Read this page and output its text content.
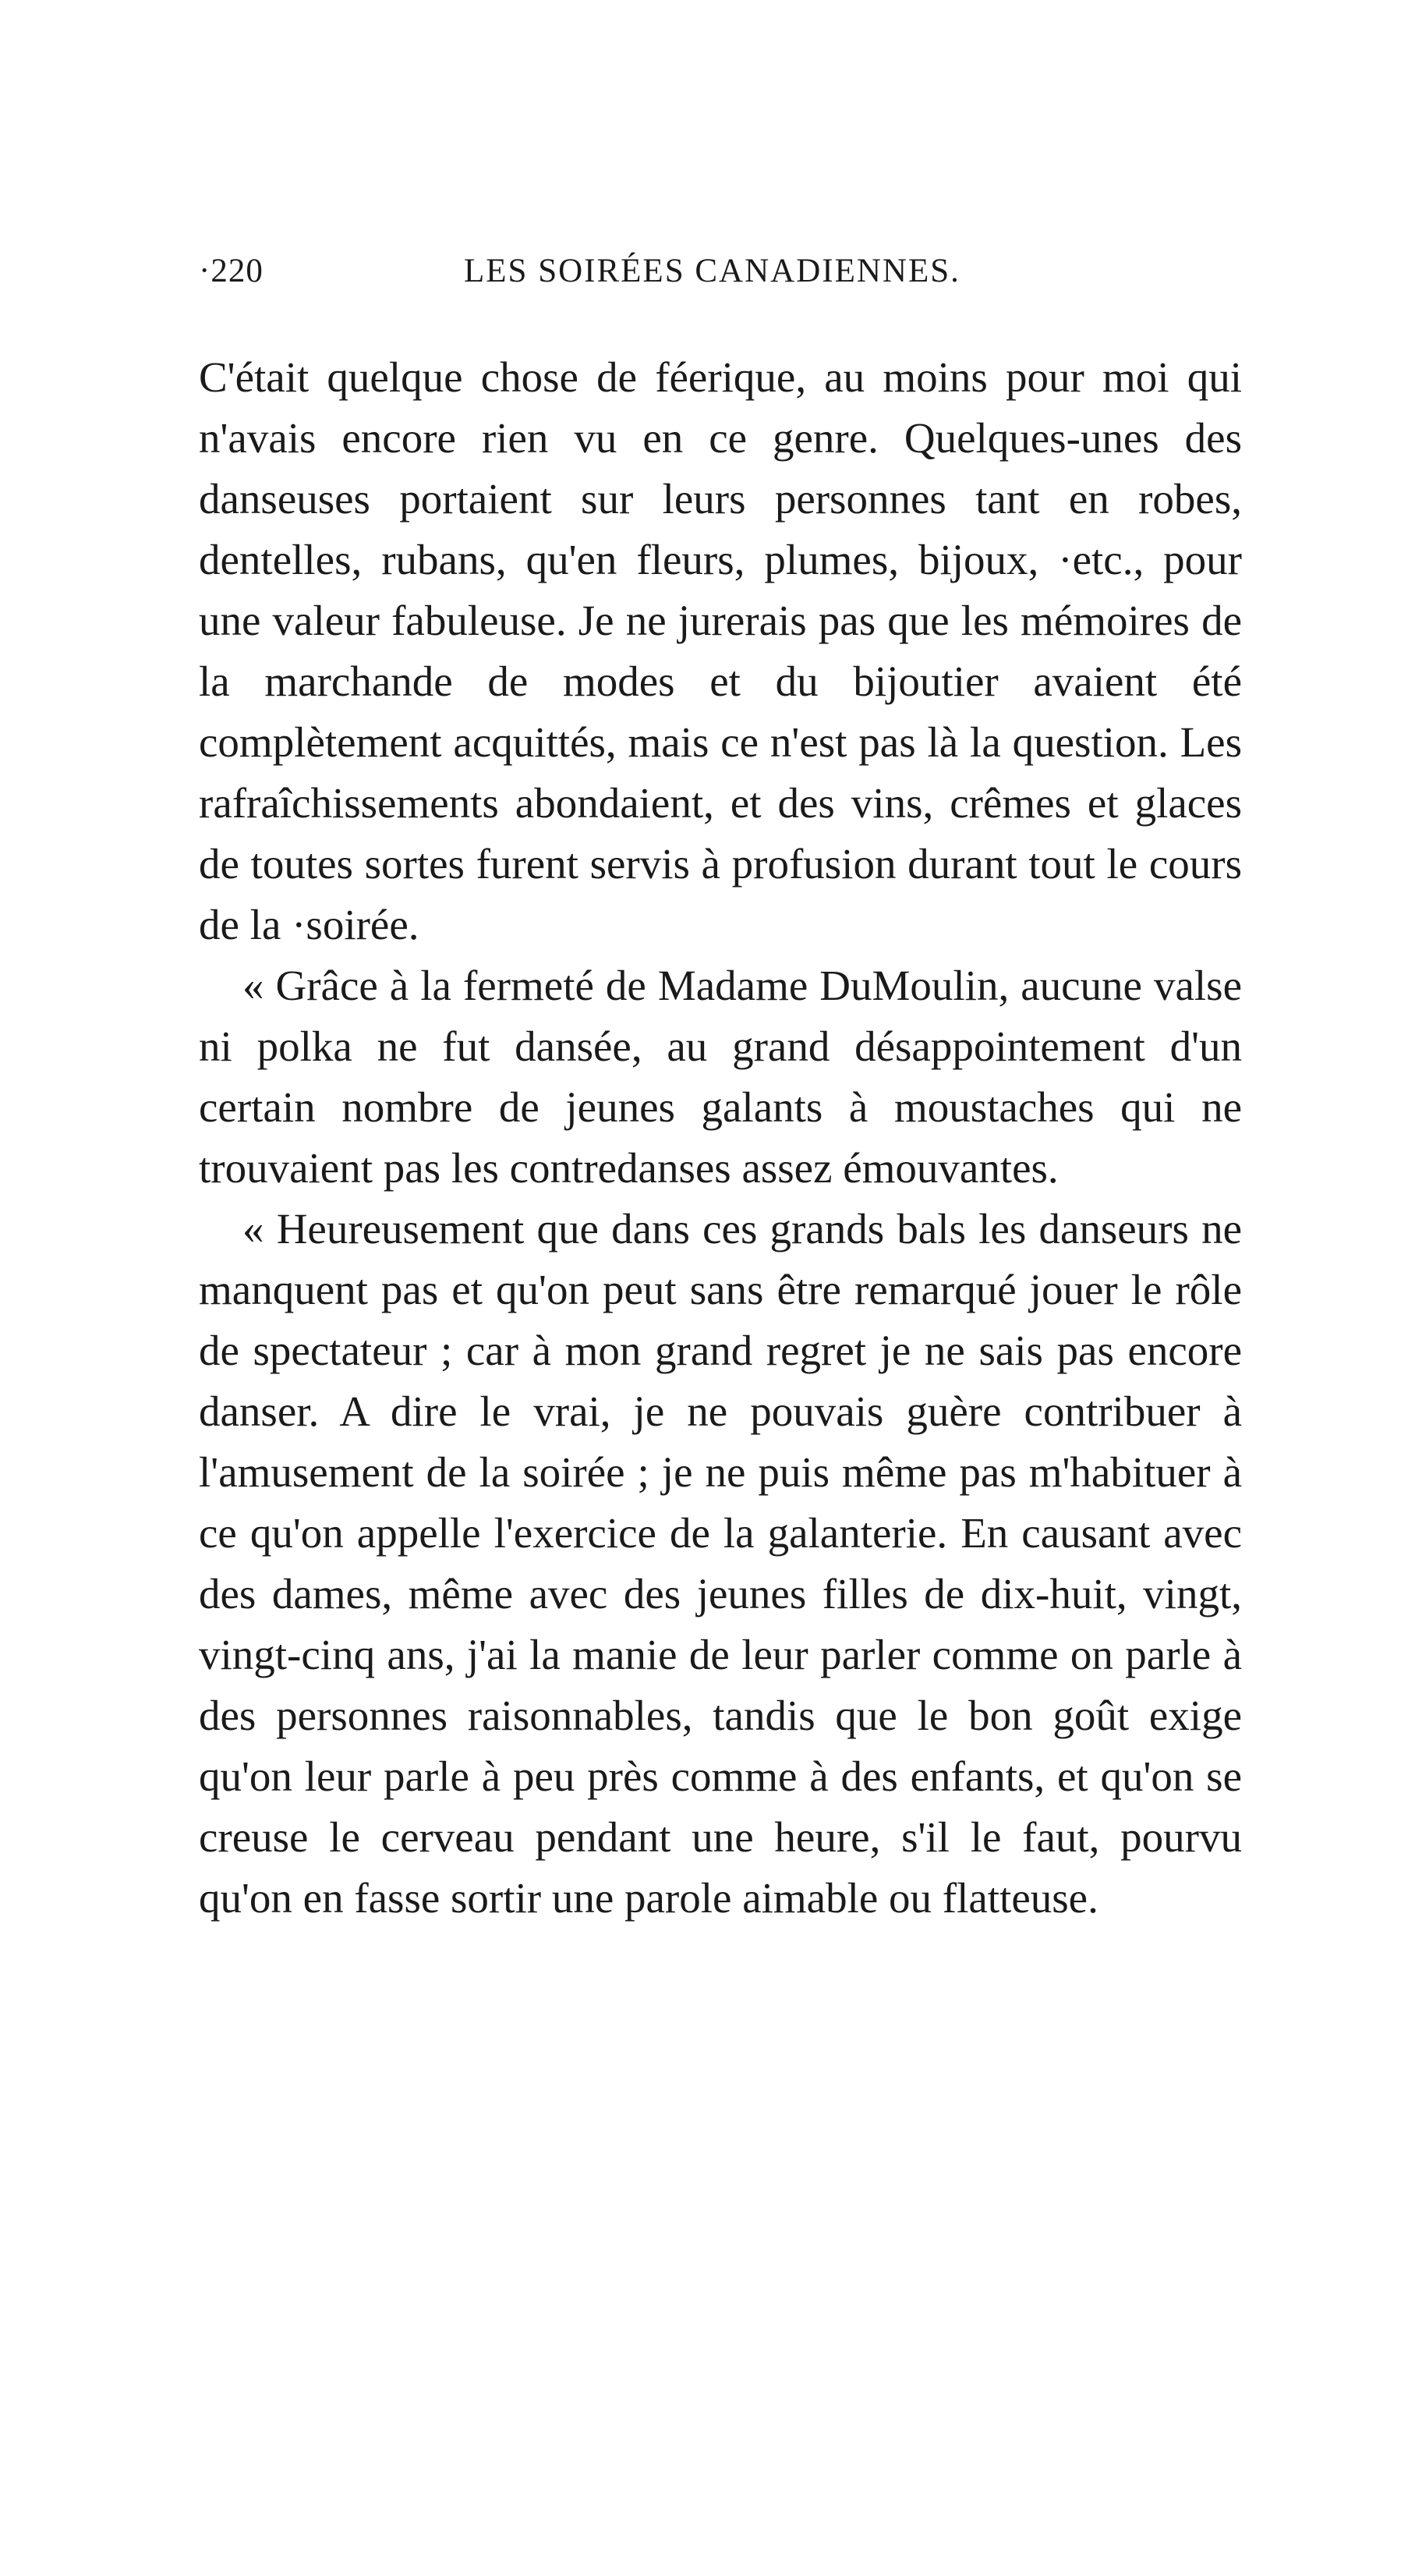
·220	LES SOIRÉES CANADIENNES.

C'était quelque chose de féerique, au moins pour moi qui n'avais encore rien vu en ce genre. Quelques-unes des danseuses portaient sur leurs personnes tant en robes, dentelles, rubans, qu'en fleurs, plumes, bijoux, ·etc., pour une valeur fabuleuse. Je ne jurerais pas que les mémoires de la marchande de modes et du bijoutier avaient été complètement acquittés, mais ce n'est pas là la question. Les rafraîchissements abondaient, et des vins, crêmes et glaces de toutes sortes furent servis à profusion durant tout le cours de la ·soirée.

« Grâce à la fermeté de Madame DuMoulin, aucune valse ni polka ne fut dansée, au grand désappointement d'un certain nombre de jeunes galants à moustaches qui ne trouvaient pas les contredanses assez émouvantes.

« Heureusement que dans ces grands bals les danseurs ne manquent pas et qu'on peut sans être remarqué jouer le rôle de spectateur ; car à mon grand regret je ne sais pas encore danser. A dire le vrai, je ne pouvais guère contribuer à l'amusement de la soirée ; je ne puis même pas m'habituer à ce qu'on appelle l'exercice de la galanterie. En causant avec des dames, même avec des jeunes filles de dix-huit, vingt, vingt-cinq ans, j'ai la manie de leur parler comme on parle à des personnes raisonnables, tandis que le bon goût exige qu'on leur parle à peu près comme à des enfants, et qu'on se creuse le cerveau pendant une heure, s'il le faut, pourvu qu'on en fasse sortir une parole aimable ou flatteuse.
